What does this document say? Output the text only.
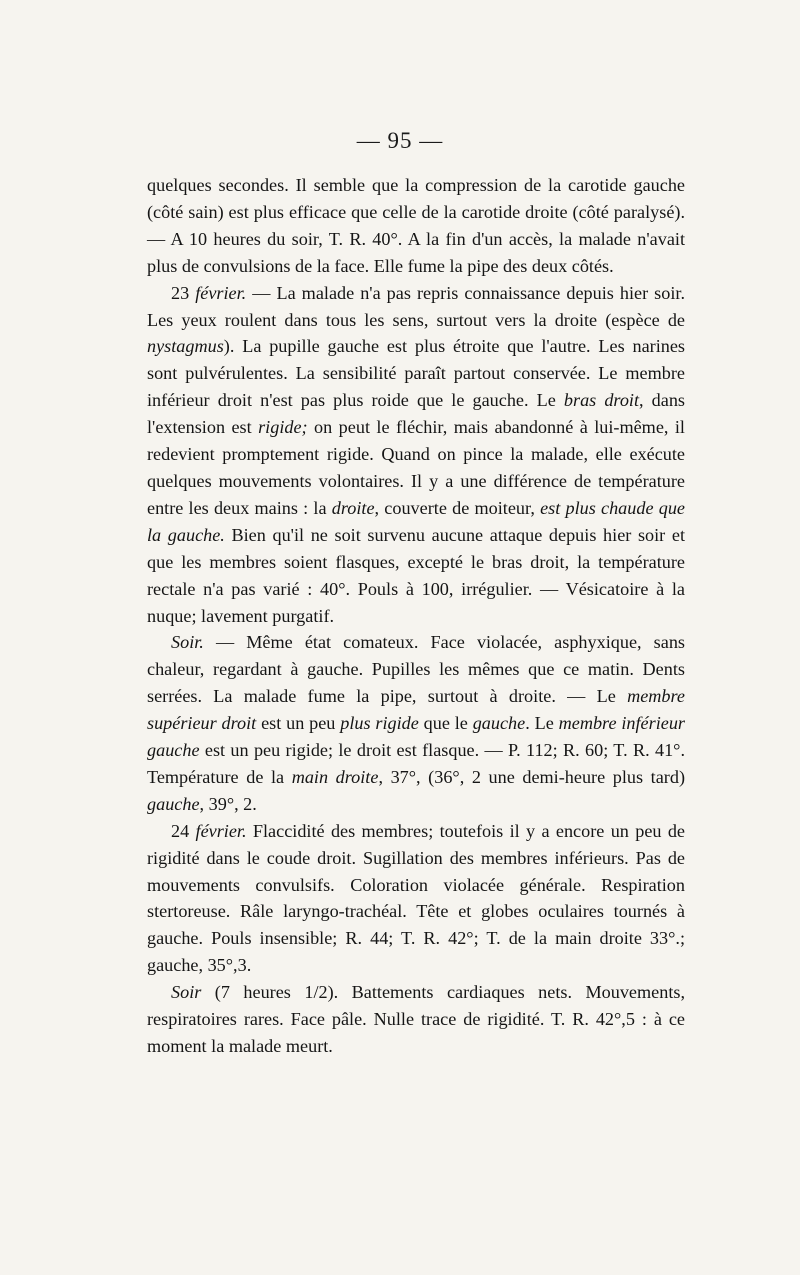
— 95 —

quelques secondes. Il semble que la compression de la carotide gauche (côté sain) est plus efficace que celle de la carotide droite (côté paralysé). — A 10 heures du soir, T. R. 40°. A la fin d'un accès, la malade n'avait plus de convulsions de la face. Elle fume la pipe des deux côtés.

23 février. — La malade n'a pas repris connaissance depuis hier soir. Les yeux roulent dans tous les sens, surtout vers la droite (espèce de nystagmus). La pupille gauche est plus étroite que l'autre. Les narines sont pulvérulentes. La sensibilité paraît partout conservée. Le membre inférieur droit n'est pas plus roide que le gauche. Le bras droit, dans l'extension est rigide; on peut le fléchir, mais abandonné à lui-même, il redevient promptement rigide. Quand on pince la malade, elle exécute quelques mouvements volontaires. Il y a une différence de température entre les deux mains : la droite, couverte de moiteur, est plus chaude que la gauche. Bien qu'il ne soit survenu aucune attaque depuis hier soir et que les membres soient flasques, excepté le bras droit, la température rectale n'a pas varié : 40°. Pouls à 100, irrégulier. — Vésicatoire à la nuque; lavement purgatif.

Soir. — Même état comateux. Face violacée, asphyxique, sans chaleur, regardant à gauche. Pupilles les mêmes que ce matin. Dents serrées. La malade fume la pipe, surtout à droite. — Le membre supérieur droit est un peu plus rigide que le gauche. Le membre inférieur gauche est un peu rigide; le droit est flasque. — P. 112; R. 60; T. R. 41°. Température de la main droite, 37°, (36°, 2 une demi-heure plus tard) gauche, 39°, 2.

24 février. Flaccidité des membres; toutefois il y a encore un peu de rigidité dans le coude droit. Sugillation des membres inférieurs. Pas de mouvements convulsifs. Coloration violacée générale. Respiration stertoreuse. Râle laryngo-trachéal. Tête et globes oculaires tournés à gauche. Pouls insensible; R. 44; T. R. 42°; T. de la main droite 33°.; gauche, 35°,3.

Soir (7 heures 1/2). Battements cardiaques nets. Mouvements, respiratoires rares. Face pâle. Nulle trace de rigidité. T. R. 42°,5 : à ce moment la malade meurt.
